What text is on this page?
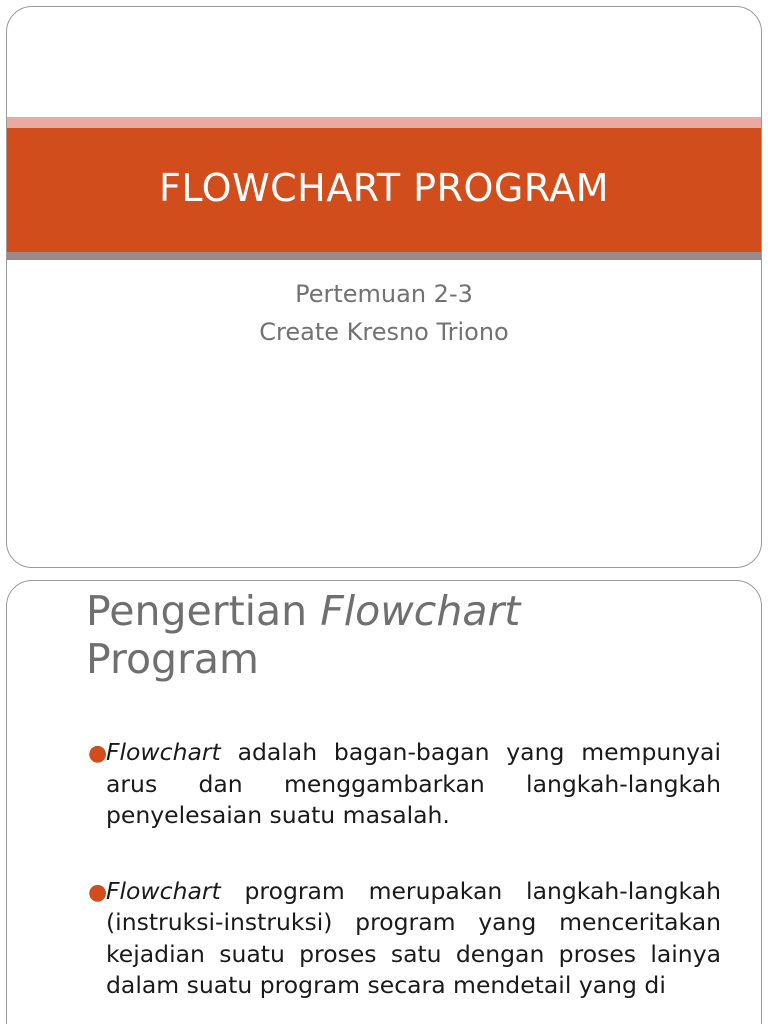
FLOWCHART PROGRAM
Pertemuan 2-3
Create Kresno Triono
Pengertian Flowchart
Program
●
Flowchart adalah bagan-bagan yang mempunyai arus dan menggambarkan langkah-langkah penyelesaian suatu masalah.
●
Flowchart program merupakan langkah-langkah (instruksi-instruksi) program yang menceritakan kejadian suatu proses satu dengan proses lainya dalam suatu program secara mendetail yang di
